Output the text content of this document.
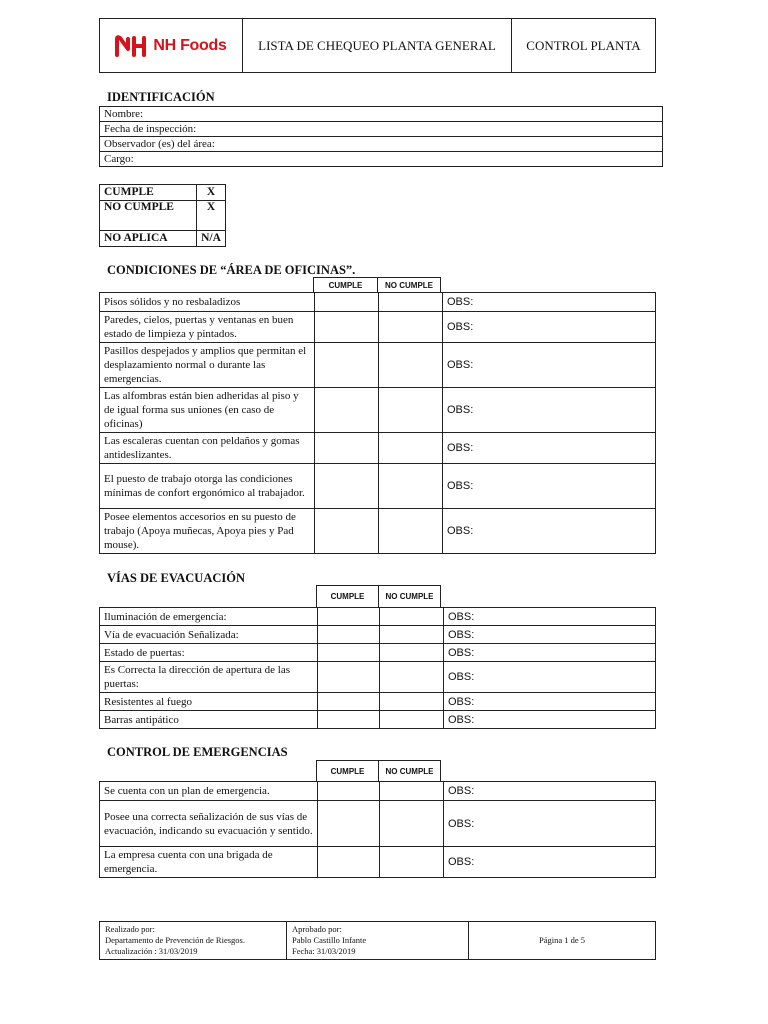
NH Foods	LISTA DE CHEQUEO PLANTA GENERAL	CONTROL PLANTA
IDENTIFICACIÓN
Nombre:
Fecha de inspección:
Observador (es) del área:
Cargo:
CUMPLE	X
NO CUMPLE	X
NO APLICA	N/A
CONDICIONES DE “ÁREA DE OFICINAS”.
CUMPLE	NO CUMPLE
Pisos sólidos y no resbaladizos			OBS:
Paredes, cielos, puertas y ventanas en buen estado de limpieza y pintados.			OBS:
Pasillos despejados y amplios que permitan el desplazamiento normal o durante las emergencias.			OBS:
Las alfombras están bien adheridas al piso y de igual forma sus uniones (en caso de oficinas)			OBS:
Las escaleras cuentan con peldaños y gomas antideslizantes.			OBS:
El puesto de trabajo otorga las condiciones mínimas de confort ergonómico al trabajador.			OBS:
Posee elementos accesorios en su puesto de trabajo (Apoya muñecas, Apoya pies y Pad mouse).			OBS:
VÍAS DE EVACUACIÓN
CUMPLE	NO CUMPLE
Iluminación de emergencia:			OBS:
Vía de evacuación Señalizada:			OBS:
Estado de puertas:			OBS:
Es Correcta la dirección de apertura de las puertas:			OBS:
Resistentes al fuego			OBS:
Barras antipático			OBS:
CONTROL DE EMERGENCIAS
CUMPLE	NO CUMPLE
Se cuenta con un plan de emergencia.			OBS:
Posee una correcta señalización de sus vías de evacuación, indicando su evacuación y sentido.			OBS:
La empresa cuenta con una brigada de emergencia.			OBS:
Realizado por:
Departamento de Prevención de Riesgos.
Actualización : 31/03/2019

Aprobado por:
Pablo Castillo Infante
Fecha: 31/03/2019
	Página 1 de 5
